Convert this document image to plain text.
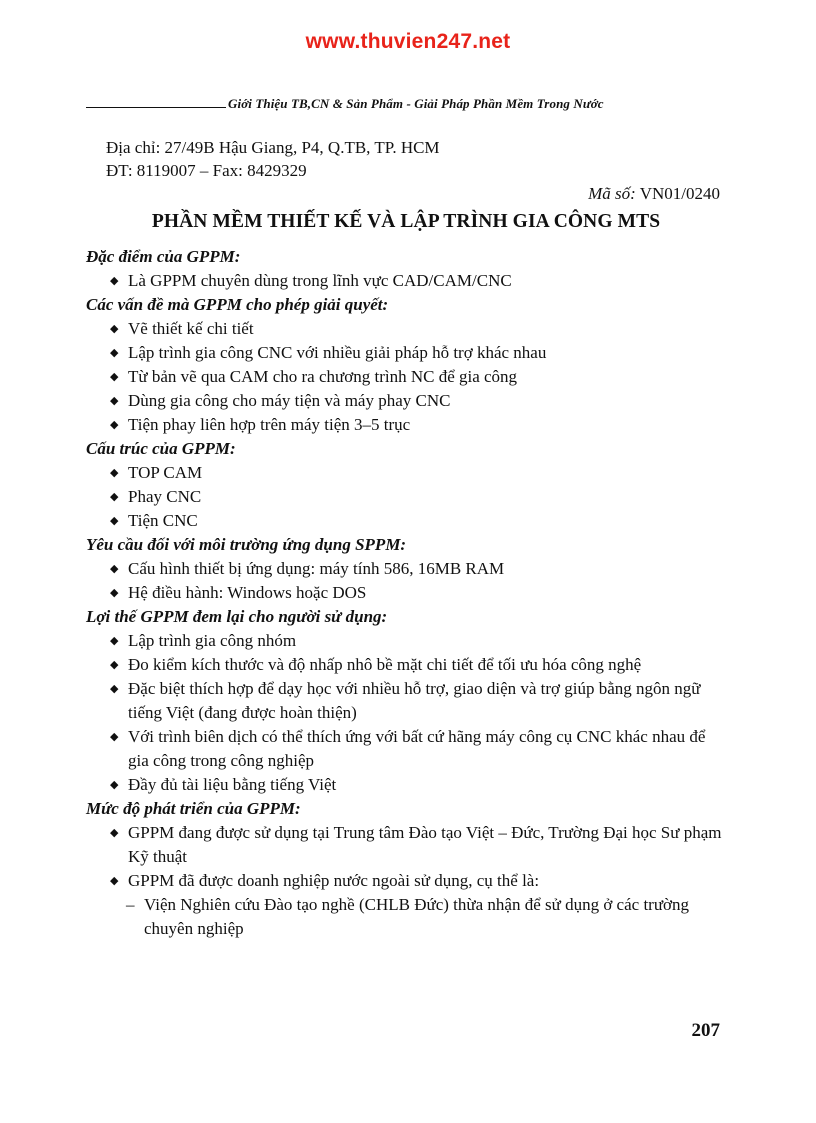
www.thuvien247.net
Giới Thiệu TB,CN & Sản Phẩm - Giải Pháp Phần Mềm Trong Nước
Địa chỉ: 27/49B Hậu Giang, P4, Q.TB, TP. HCM
ĐT: 8119007 – Fax: 8429329
Mã số: VN01/0240
PHẦN MỀM THIẾT KẾ VÀ LẬP TRÌNH GIA CÔNG MTS
Đặc điểm của GPPM:
◆ Là GPPM chuyên dùng trong lĩnh vực CAD/CAM/CNC
Các vấn đề mà GPPM cho phép giải quyết:
◆ Vẽ thiết kế chi tiết
◆ Lập trình gia công CNC với nhiều giải pháp hỗ trợ khác nhau
◆ Từ bản vẽ qua CAM cho ra chương trình NC để gia công
◆ Dùng gia công cho máy tiện và máy phay CNC
◆ Tiện phay liên hợp trên máy tiện 3–5 trục
Cấu trúc của GPPM:
◆ TOP CAM
◆ Phay CNC
◆ Tiện CNC
Yêu cầu đối với môi trường ứng dụng SPPM:
◆ Cấu hình thiết bị ứng dụng: máy tính 586, 16MB RAM
◆ Hệ điều hành: Windows hoặc DOS
Lợi thế GPPM đem lại cho người sử dụng:
◆ Lập trình gia công nhóm
◆ Đo kiểm kích thước và độ nhấp nhô bề mặt chi tiết để tối ưu hóa công nghệ
◆ Đặc biệt thích hợp để dạy học với nhiều hỗ trợ, giao diện và trợ giúp bằng ngôn ngữ tiếng Việt (đang được hoàn thiện)
◆ Với trình biên dịch có thể thích ứng với bất cứ hãng máy công cụ CNC khác nhau để gia công trong công nghiệp
◆ Đầy đủ tài liệu bằng tiếng Việt
Mức độ phát triển của GPPM:
◆ GPPM đang được sử dụng tại Trung tâm Đào tạo Việt – Đức, Trường Đại học Sư phạm Kỹ thuật
◆ GPPM đã được doanh nghiệp nước ngoài sử dụng, cụ thể là:
– Viện Nghiên cứu Đào tạo nghề (CHLB Đức) thừa nhận để sử dụng ở các trường chuyên nghiệp
207
